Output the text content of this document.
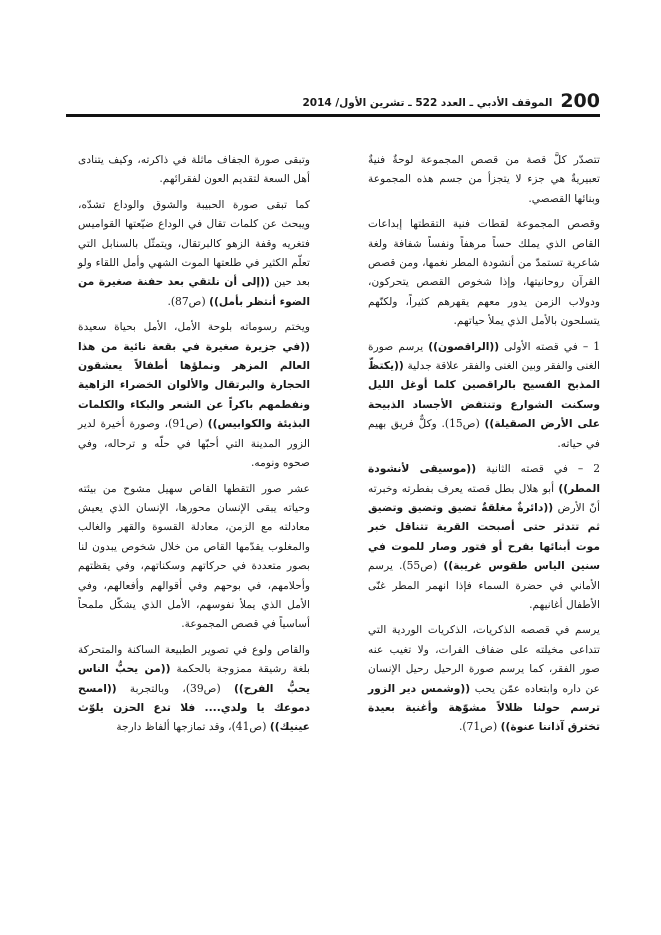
200
الموقف الأدبي ـ العدد 522 ـ تشرين الأول/ 2014

تتصدّر كلَّ قصة من قصص المجموعة لوحةٌ فنيةٌ تعبيريةٌ هي جزء لا يتجزأ من جسم هذه المجموعة وبنائها القصصي.

وقصص المجموعة لقطات فنية التقطتها إبداعات القاص الذي يملك حساً مرهفاً ونفساً شفافة ولغة شاعرية تستمدّ من أنشودة المطر نغمها، ومن قصص القرآن روحانيتها، وإذا شخوص القصص يتحركون، ودولاب الزمن يدور معهم يقهرهم كثيراً، ولكنّهم يتسلحون بالأمل الذي يملأ حياتهم.

1 – في قصته الأولى ((الراقصون)) يرسم صورة الغنى والفقر وبين الغنى والفقر علاقة جدلية ((يكتظّ المذبح الفسيح بالراقصين كلما أوغل الليل وسكنت الشوارع وتنتفض الأجساد الذبيحة على الأرض الصقيلة)) (ص15). وكلٌّ فريق بهيم في حياته.

2 – في قصته الثانية ((موسيقى لأنشودة المطر)) أبو هلال بطل قصته يعرف بفطرته وخبرته أنّ الأرض ((دائرةٌ مغلقةٌ تضيق وتضيق وتضيق ثم تتدثر حتى أصبحت القرية تتناقل خبر موت أبنائها بفرح أو فتور وصار للموت في سنين الياس طقوس غريبة)) (ص55). يرسم الأماني في حضرة السماء فإذا انهمر المطر غنّى الأطفال أغانيهم.

يرسم في قصصه الذكريات، الذكريات الوردية التي تتداعى مخيلته على ضفاف الفرات، ولا تغيب عنه صور الفقر، كما يرسم صورة الرحيل رحيل الإنسان عن داره وابتعاده عمّن يحب ((وشمس دير الزور ترسم حولنا ظلالاً مشوّهة وأغنية بعيدة تخترق آذاننا عنوة)) (ص71).

وتبقى صورة الجفاف ماثلة في ذاكرته، وكيف يتنادى أهل السعة لتقديم العون لفقرائهم.

كما تبقى صورة الحبيبة والشوق والوداع تشدّه، ويبحث عن كلمات تقال في الوداع ضيّعتها القواميس فتغريه وقفة الزهو كالبرتقال، ويتمثّل بالسنابل التي تعلّم الكثير في طلعتها الموت الشهي وأمل اللقاء ولو بعد حين ((إلى أن نلتقي بعد حفنة صغيرة من الضوء أنتظر بأمل)) (ص87).

ويختم رسوماته بلوحة الأمل، الأمل بحياة سعيدة ((في جزيرة صغيرة في بقعة نائية من هذا العالم المزهر ونملؤها أطفالاً يعشقون الحجارة والبرتقال والألوان الخضراء الزاهية ونفطمهم باكراً عن الشعر والبكاء والكلمات البذيئة والكوابيس)) (ص91)، وصورة أخيرة لدير الزور المدينة التي أحبّها في حلّه و ترحاله، وفي صحوه ونومه.

عشر صور التقطها القاص سهيل مشوح من بيئته وحياته يبقى الإنسان محورها، الإنسان الذي يعيش معادلته مع الزمن، معادلة القسوة والقهر والغالب والمغلوب يقدّمها القاص من خلال شخوص يبدون لنا بصور متعددة في حركاتهم وسكناتهم، وفي يقظتهم وأحلامهم، في بوحهم وفي أقوالهم وأفعالهم، وفي الأمل الذي يملأ نفوسهم، الأمل الذي يشكّل ملمحاً أساسياً في قصص المجموعة.

والقاص ولوع في تصوير الطبيعة الساكنة والمتحركة بلغة رشيقة ممزوجة بالحكمة ((من يحبُّ الناس يحبُّ الفرح)) (ص39)، وبالتجربة ((امسح دموعك يا ولدي.... فلا تدع الحزن يلوّث عينيك)) (ص41)، وقد تمازجها ألفاظ دارجة
